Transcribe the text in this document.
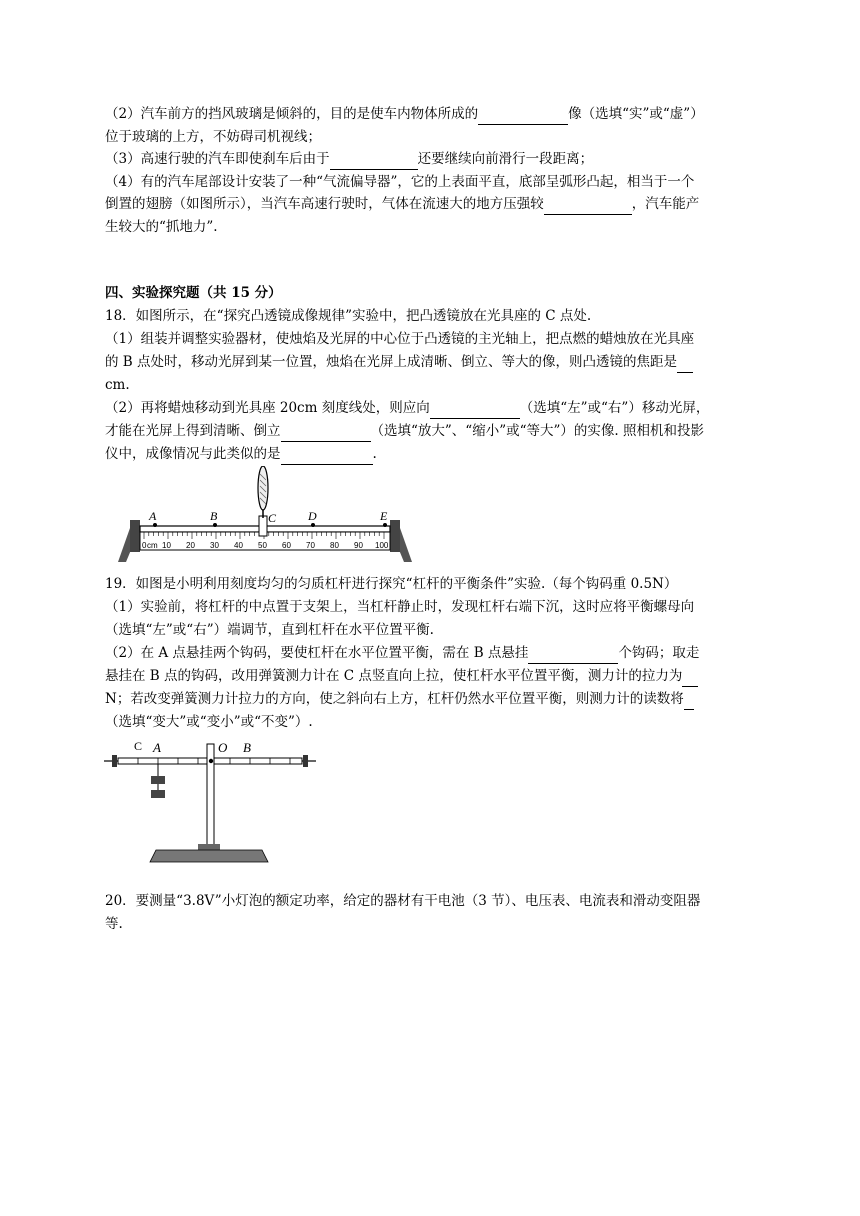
（2）汽车前方的挡风玻璃是倾斜的，目的是使车内物体所成的	像（选填“实”或“虚”）
位于玻璃的上方，不妨碍司机视线；
（3）高速行驶的汽车即使刹车后由于	还要继续向前滑行一段距离；
（4）有的汽车尾部设计安装了一种“气流偏导器”，它的上表面平直，底部呈弧形凸起，相当于一个
倒置的翅膀（如图所示），当汽车高速行驶时，气体在流速大的地方压强较	，汽车能产
生较大的“抓地力”.
四、实验探究题（共 15 分）
18．如图所示，在“探究凸透镜成像规律”实验中，把凸透镜放在光具座的 C 点处.
（1）组装并调整实验器材，使烛焰及光屏的中心位于凸透镜的主光轴上，把点燃的蜡烛放在光具座
的 B 点处时，移动光屏到某一位置，烛焰在光屏上成清晰、倒立、等大的像，则凸透镜的焦距是
cm.
（2）再将蜡烛移动到光具座 20cm 刻度线处，则应向	（选填“左”或“右”）移动光屏，
才能在光屏上得到清晰、倒立	（选填“放大”、“缩小”或“等大”）的实像. 照相机和投影
仪中，成像情况与此类似的是	.
A	B	C	D	E
0 cm 10 20 30 40 50 60 70 80 90 100
19．如图是小明利用刻度均匀的匀质杠杆进行探究“杠杆的平衡条件”实验.（每个钩码重 0.5N）
（1）实验前，将杠杆的中点置于支架上，当杠杆静止时，发现杠杆右端下沉，这时应将平衡螺母向
（选填“左”或“右”）端调节，直到杠杆在水平位置平衡.
（2）在 A 点悬挂两个钩码，要使杠杆在水平位置平衡，需在 B 点悬挂	个钩码；取走
悬挂在 B 点的钩码，改用弹簧测力计在 C 点竖直向上拉，使杠杆水平位置平衡，测力计的拉力为
N；若改变弹簧测力计拉力的方向，使之斜向右上方，杠杆仍然水平位置平衡，则测力计的读数将
（选填“变大”或“变小”或“不变”）.
C A	O B
20．要测量“3.8V”小灯泡的额定功率，给定的器材有干电池（3 节）、电压表、电流表和滑动变阻器
等.
